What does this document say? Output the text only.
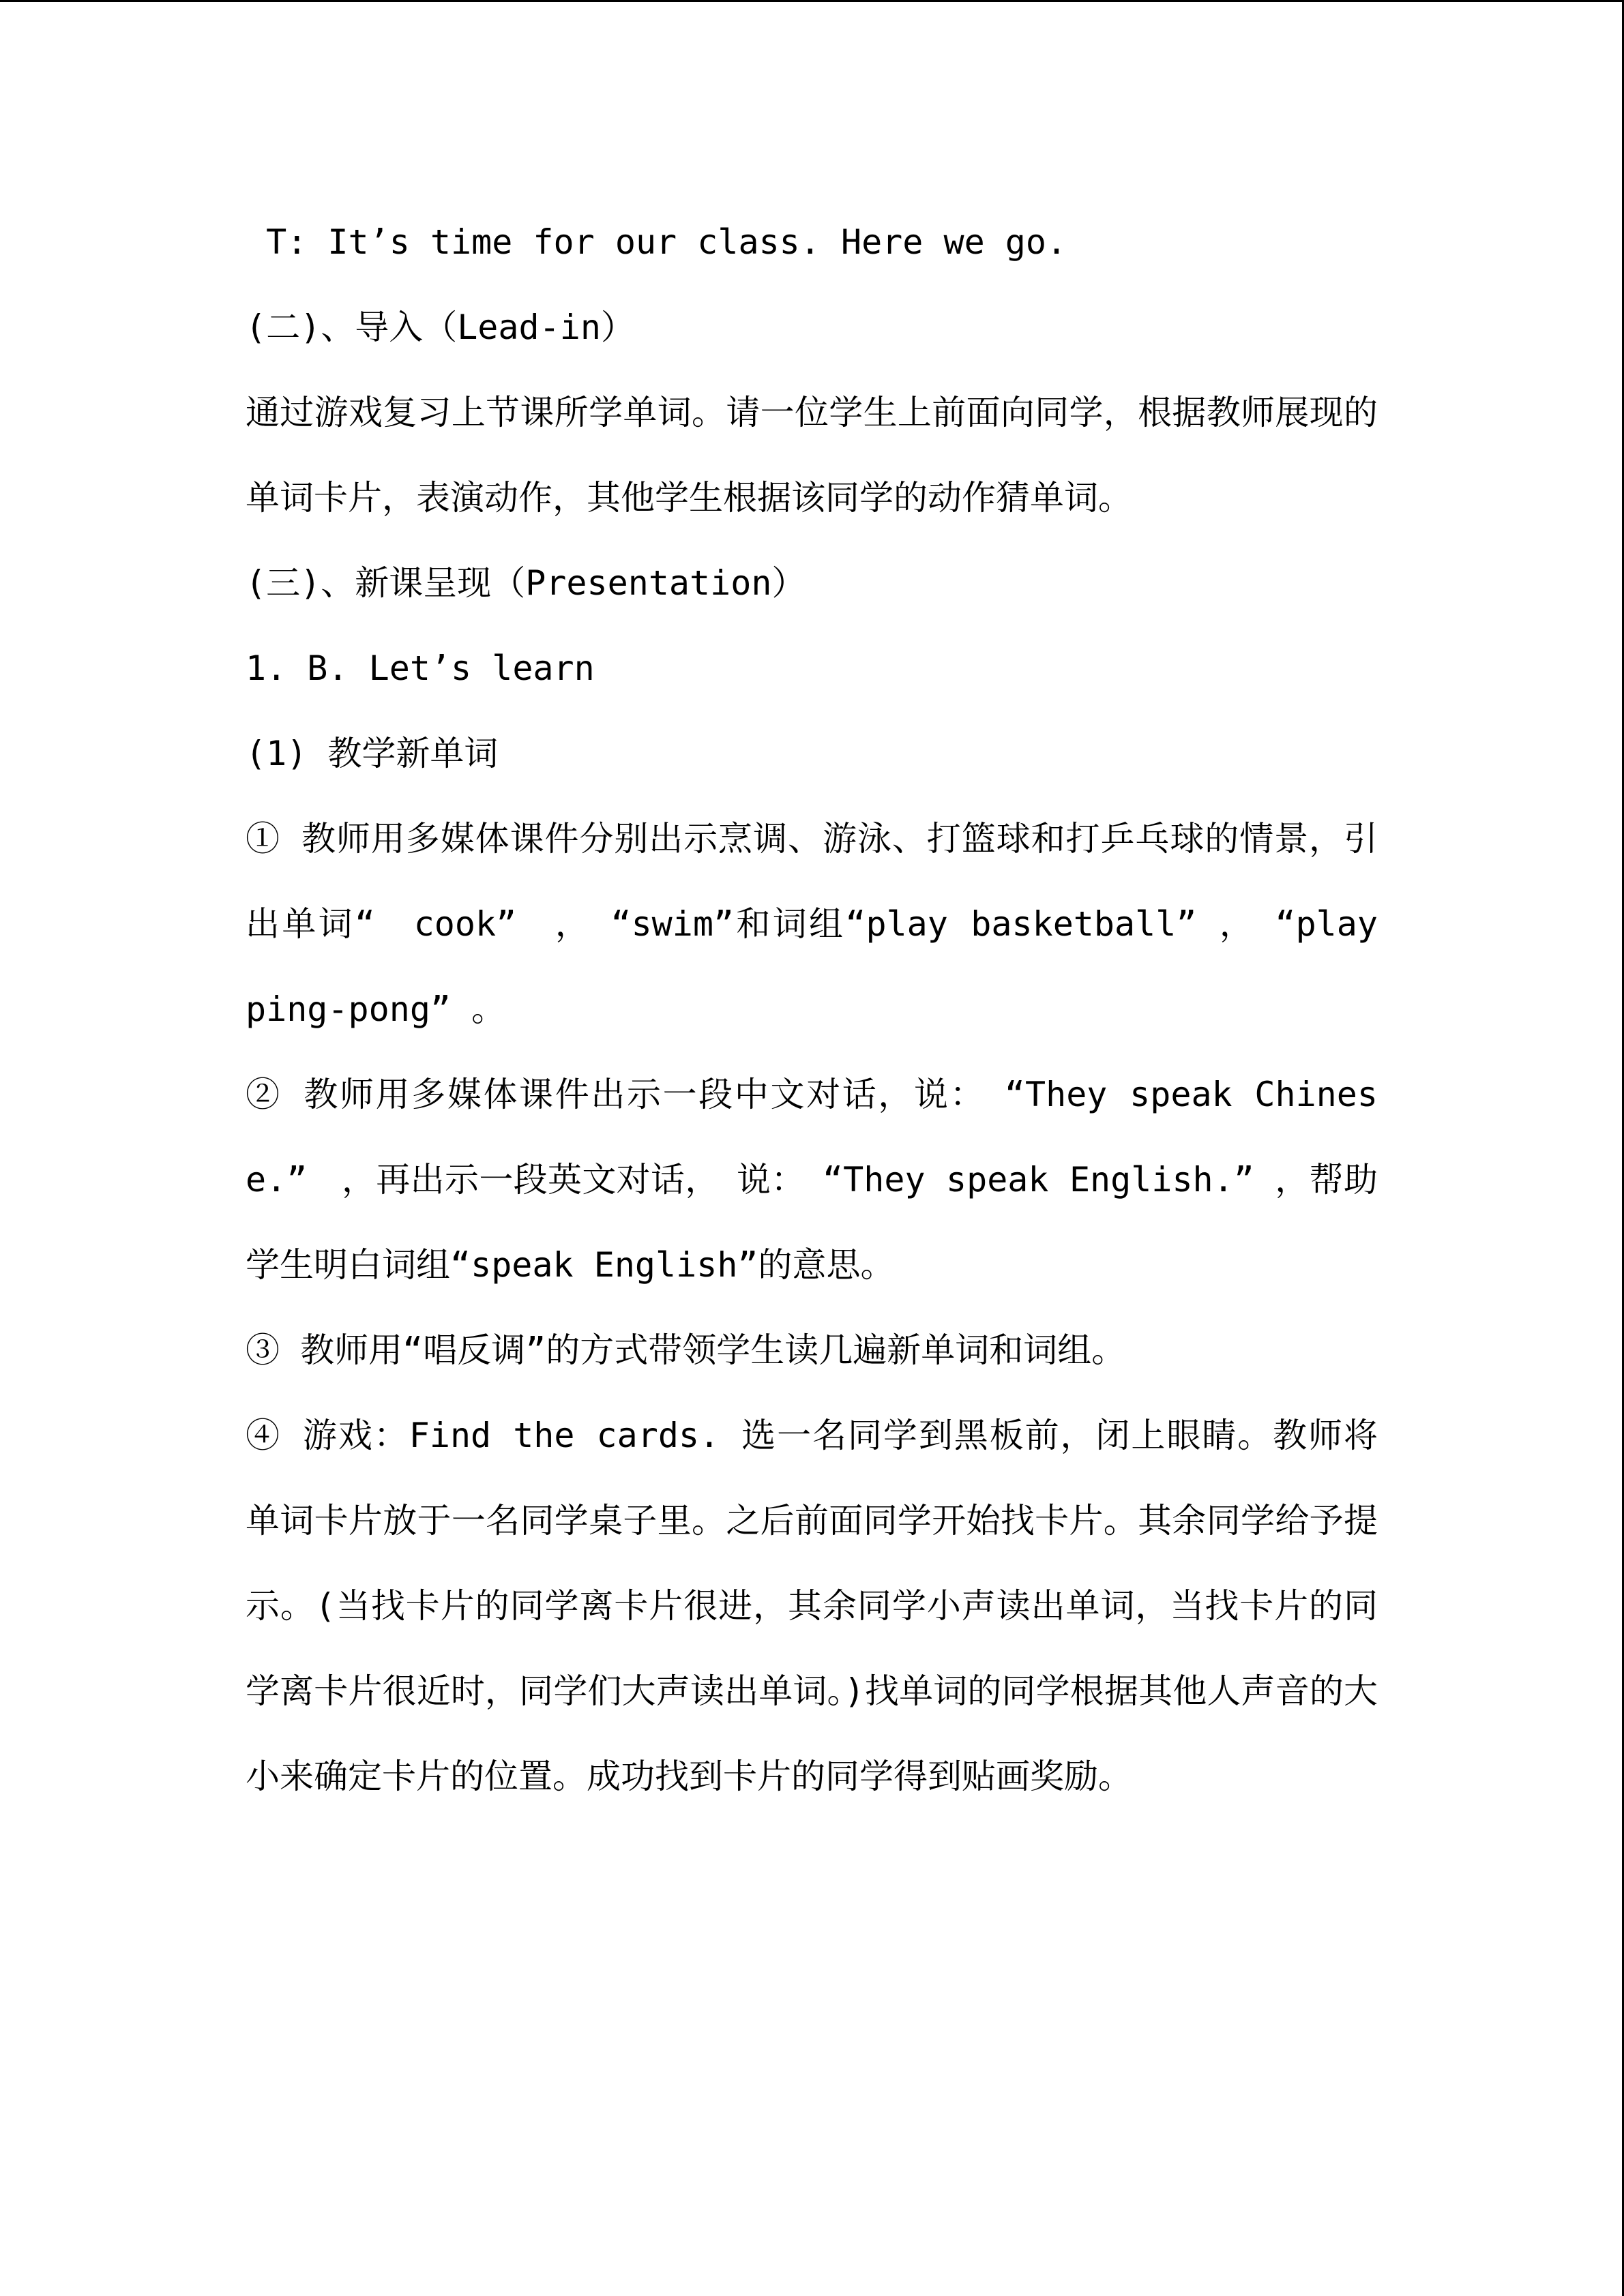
T: It’s time for our class. Here we go.
(二)、导入（Lead-in）
通过游戏复习上节课所学单词。请一位学生上前面向同学，根据教师展现的单词卡片，表演动作，其他学生根据该同学的动作猜单词。
(三)、新课呈现（Presentation）
1. B. Let’s learn
(1) 教学新单词
① 教师用多媒体课件分别出示烹调、游泳、打篮球和打乒乓球的情景，引出单词“　cook”　，　“swim”和词组“play basketball” ，　“play ping-pong” 。
② 教师用多媒体课件出示一段中文对话，说：　“They speak Chinese.”　，再出示一段英文对话，　说：　“They speak English.” ，帮助学生明白词组“speak English”的意思。
③ 教师用“唱反调”的方式带领学生读几遍新单词和词组。
④ 游戏：Find the cards. 选一名同学到黑板前，闭上眼睛。教师将单词卡片放于一名同学桌子里。之后前面同学开始找卡片。其余同学给予提示。(当找卡片的同学离卡片很进，其余同学小声读出单词，当找卡片的同学离卡片很近时，同学们大声读出单词。)找单词的同学根据其他人声音的大小来确定卡片的位置。成功找到卡片的同学得到贴画奖励。
